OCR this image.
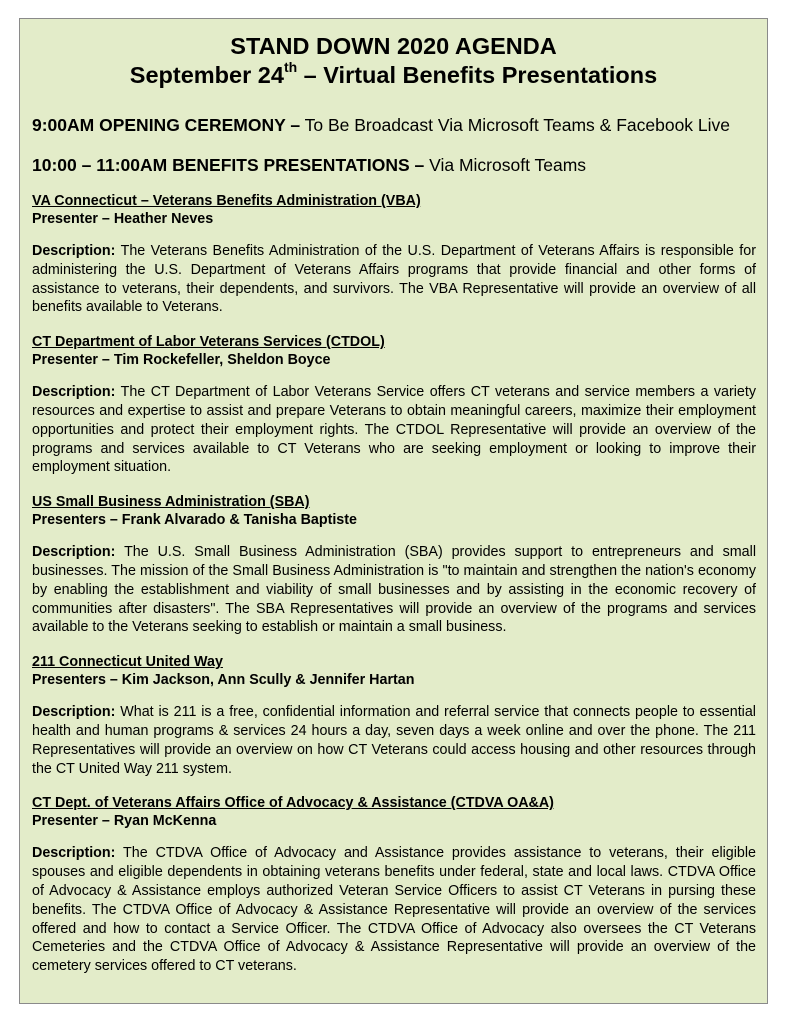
STAND DOWN 2020 AGENDA
September 24th – Virtual Benefits Presentations
9:00AM OPENING CEREMONY – To Be Broadcast Via Microsoft Teams & Facebook Live
10:00 – 11:00AM BENEFITS PRESENTATIONS – Via Microsoft Teams
VA Connecticut – Veterans Benefits Administration (VBA)
Presenter – Heather Neves
Description: The Veterans Benefits Administration of the U.S. Department of Veterans Affairs is responsible for administering the U.S. Department of Veterans Affairs programs that provide financial and other forms of assistance to veterans, their dependents, and survivors. The VBA Representative will provide an overview of all benefits available to Veterans.
CT Department of Labor Veterans Services (CTDOL)
Presenter – Tim Rockefeller, Sheldon Boyce
Description: The CT Department of Labor Veterans Service offers CT veterans and service members a variety resources and expertise to assist and prepare Veterans to obtain meaningful careers, maximize their employment opportunities and protect their employment rights. The CTDOL Representative will provide an overview of the programs and services available to CT Veterans who are seeking employment or looking to improve their employment situation.
US Small Business Administration (SBA)
Presenters – Frank Alvarado & Tanisha Baptiste
Description: The U.S. Small Business Administration (SBA) provides support to entrepreneurs and small businesses. The mission of the Small Business Administration is "to maintain and strengthen the nation's economy by enabling the establishment and viability of small businesses and by assisting in the economic recovery of communities after disasters". The SBA Representatives will provide an overview of the programs and services available to the Veterans seeking to establish or maintain a small business.
211 Connecticut United Way
Presenters – Kim Jackson, Ann Scully & Jennifer Hartan
Description: What is 211 is a free, confidential information and referral service that connects people to essential health and human programs & services 24 hours a day, seven days a week online and over the phone. The 211 Representatives will provide an overview on how CT Veterans could access housing and other resources through the CT United Way 211 system.
CT Dept. of Veterans Affairs Office of Advocacy & Assistance (CTDVA OA&A)
Presenter – Ryan McKenna
Description: The CTDVA Office of Advocacy and Assistance provides assistance to veterans, their eligible spouses and eligible dependents in obtaining veterans benefits under federal, state and local laws. CTDVA Office of Advocacy & Assistance employs authorized Veteran Service Officers to assist CT Veterans in pursing these benefits. The CTDVA Office of Advocacy & Assistance Representative will provide an overview of the services offered and how to contact a Service Officer. The CTDVA Office of Advocacy also oversees the CT Veterans Cemeteries and the CTDVA Office of Advocacy & Assistance Representative will provide an overview of the cemetery services offered to CT veterans.
